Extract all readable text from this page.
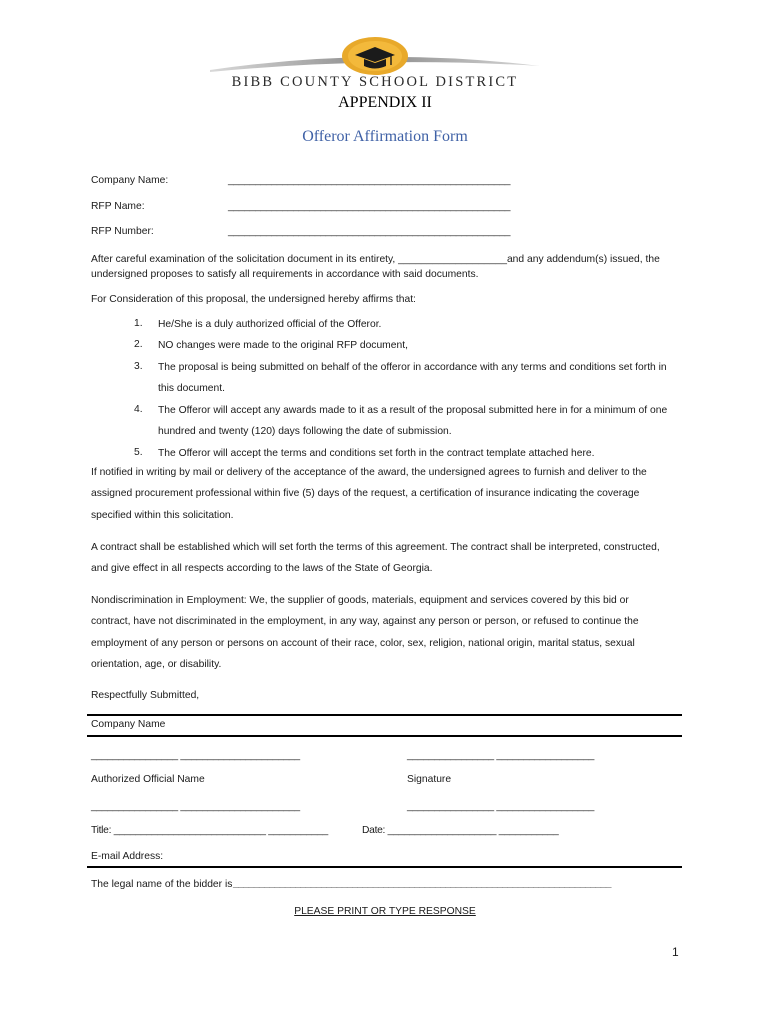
BIBB COUNTY SCHOOL DISTRICT
APPENDIX II
Offeror Affirmation Form
Company Name:	____________________________________________________
RFP Name:	____________________________________________________
RFP Number:	____________________________________________________
After careful examination of the solicitation document in its entirety, ___________________and any addendum(s) issued, the
undersigned proposes to satisfy all requirements in accordance with said documents.
For Consideration of this proposal, the undersigned hereby affirms that:
1. He/She is a duly authorized official of the Offeror.
2. NO changes were made to the original RFP document,
3. The proposal is being submitted on behalf of the offeror in accordance with any terms and conditions set forth in
this document.
4. The Offeror will accept any awards made to it as a result of the proposal submitted here in for a minimum of one
hundred and twenty (120) days following the date of submission.
5. The Offeror will accept the terms and conditions set forth in the contract template attached here.
If notified in writing by mail or delivery of the acceptance of the award, the undersigned agrees to furnish and deliver to the
assigned procurement professional within five (5) days of the request, a certification of insurance indicating the coverage
specified within this solicitation.
A contract shall be established which will set forth the terms of this agreement. The contract shall be interpreted, constructed,
and give effect in all respects according to the laws of the State of Georgia.
Nondiscrimination in Employment: We, the supplier of goods, materials, equipment and services covered by this bid or
contract, have not discriminated in the employment, in any way, against any person or person, or refused to continue the
employment of any person or persons on account of their race, color, sex, religion, national origin, marital status, sexual
orientation, age, or disability.
Respectfully Submitted,
Company Name
________________ ______________________	________________ __________________
Authorized Official Name	Signature
________________ ______________________	________________ __________________
Title: ____________________________ ___________	Date: ____________________ ___________
E-mail Address:
The legal name of the bidder is _________________________________________________________________________
PLEASE PRINT OR TYPE RESPONSE
1
